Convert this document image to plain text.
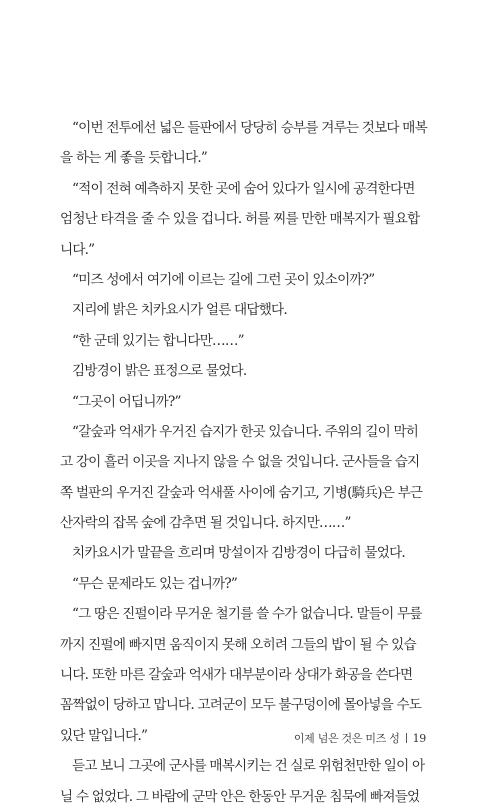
“이번 전투에선 넓은 들판에서 당당히 승부를 겨루는 것보다 매복
을 하는 게 좋을 듯합니다.”
“적이 전혀 예측하지 못한 곳에 숨어 있다가 일시에 공격한다면
엄청난 타격을 줄 수 있을 겁니다. 허를 찌를 만한 매복지가 필요합
니다.”
“미즈 성에서 여기에 이르는 길에 그런 곳이 있소이까?”
지리에 밝은 치카요시가 얼른 대답했다.
“한 군데 있기는 합니다만……”
김방경이 밝은 표정으로 물었다.
“그곳이 어딥니까?”
“갈숲과 억새가 우거진 습지가 한곳 있습니다. 주위의 길이 막히
고 강이 흘러 이곳을 지나지 않을 수 없을 것입니다. 군사들을 습지
쪽 벌판의 우거진 갈숲과 억새풀 사이에 숨기고, 기병(騎兵)은 부근
산자락의 잡목 숲에 감추면 될 것입니다. 하지만……”
치카요시가 말끝을 흐리며 망설이자 김방경이 다급히 물었다.
“무슨 문제라도 있는 겁니까?”
“그 땅은 진펄이라 무거운 철기를 쓸 수가 없습니다. 말들이 무릎
까지 진펄에 빠지면 움직이지 못해 오히려 그들의 밥이 될 수 있습
니다. 또한 마른 갈숲과 억새가 대부분이라 상대가 화공을 쓴다면
꼼짝없이 당하고 맙니다. 고려군이 모두 불구덩이에 몰아넣을 수도
있단 말입니다.”
듣고 보니 그곳에 군사를 매복시키는 건 실로 위험천만한 일이 아
닐 수 없었다. 그 바람에 군막 안은 한동안 무거운 침묵에 빠져들었
이제 넘은 것은 미즈 성 19
